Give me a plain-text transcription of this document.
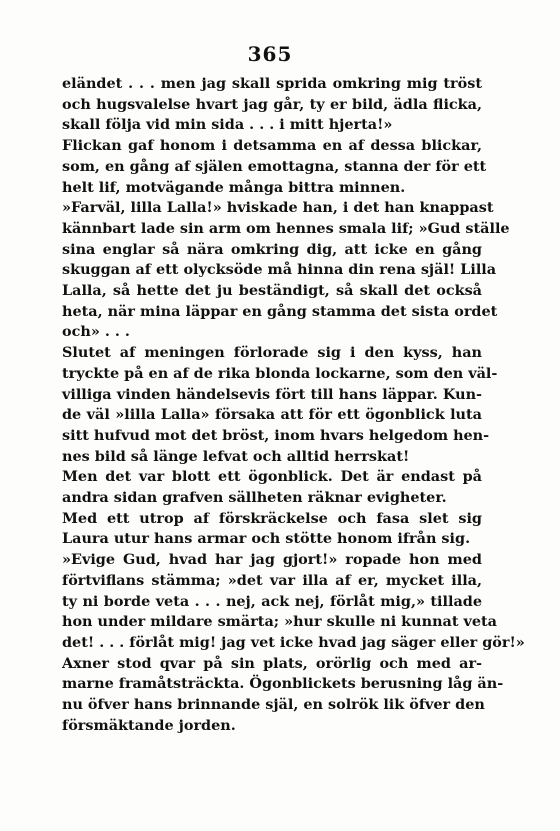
365
eländet . . . men jag skall sprida omkring mig tröst
och hugsvalelse hvart jag går, ty er bild, ädla flicka,
skall följa vid min sida . . . i mitt hjerta!»
Flickan gaf honom i detsamma en af dessa blickar,
som, en gång af själen emottagna, stanna der för ett
helt lif, motvägande många bittra minnen.
»Farväl, lilla Lalla!» hviskade han, i det han knappast
kännbart lade sin arm om hennes smala lif; »Gud ställe
sina englar så nära omkring dig, att icke en gång
skuggan af ett olycksöde må hinna din rena själ! Lilla
Lalla, så hette det ju beständigt, så skall det också
heta, när mina läppar en gång stamma det sista ordet
och» . . .
Slutet af meningen förlorade sig i den kyss, han
tryckte på en af de rika blonda lockarne, som den väl-
villiga vinden händelsevis fört till hans läppar. Kun-
de väl »lilla Lalla» försaka att för ett ögonblick luta
sitt hufvud mot det bröst, inom hvars helgedom hen-
nes bild så länge lefvat och alltid herrskat!
Men det var blott ett ögonblick. Det är endast på
andra sidan grafven sällheten räknar evigheter.
Med ett utrop af förskräckelse och fasa slet sig
Laura utur hans armar och stötte honom ifrån sig.
»Evige Gud, hvad har jag gjort!» ropade hon med
förtviflans stämma; »det var illa af er, mycket illa,
ty ni borde veta . . . nej, ack nej, förlåt mig,» tillade
hon under mildare smärta; »hur skulle ni kunnat veta
det! . . . förlåt mig! jag vet icke hvad jag säger eller gör!»
Axner stod qvar på sin plats, orörlig och med ar-
marne framåtsträckta. Ögonblickets berusning låg än-
nu öfver hans brinnande själ, en solrök lik öfver den
försmäktande jorden.
